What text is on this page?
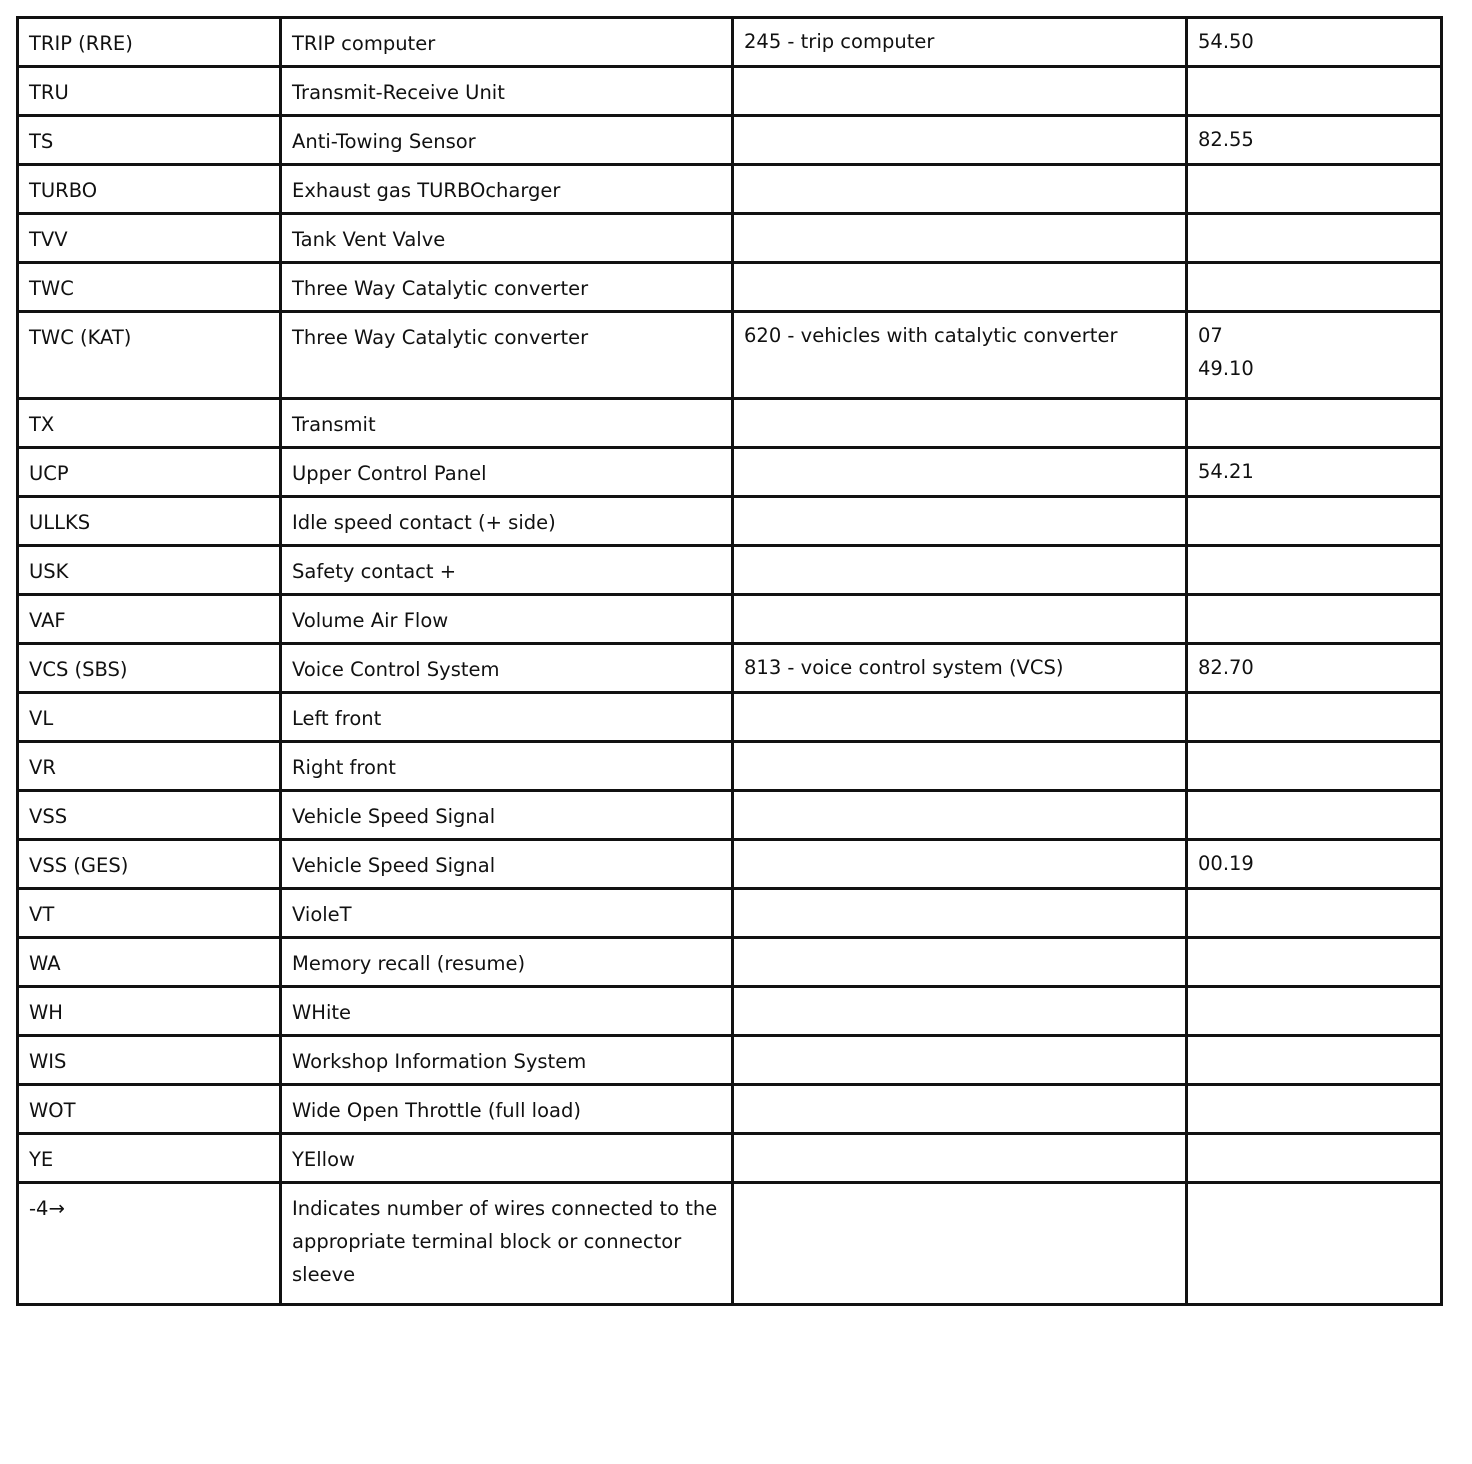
TRIP (RRE)	TRIP computer	245 - trip computer	54.50
TRU	Transmit-Receive Unit		
TS	Anti-Towing Sensor		82.55
TURBO	Exhaust gas TURBOcharger		
TVV	Tank Vent Valve		
TWC	Three Way Catalytic converter		
TWC (KAT)	Three Way Catalytic converter	620 - vehicles with catalytic converter	07
49.10
TX	Transmit		
UCP	Upper Control Panel		54.21
ULLKS	Idle speed contact (+ side)		
USK	Safety contact +		
VAF	Volume Air Flow		
VCS (SBS)	Voice Control System	813 - voice control system (VCS)	82.70
VL	Left front		
VR	Right front		
VSS	Vehicle Speed Signal		
VSS (GES)	Vehicle Speed Signal		00.19
VT	VioleT		
WA	Memory recall (resume)		
WH	WHite		
WIS	Workshop Information System		
WOT	Wide Open Throttle (full load)		
YE	YEllow		
-4→	Indicates number of wires connected to the appropriate terminal block or connector sleeve		
